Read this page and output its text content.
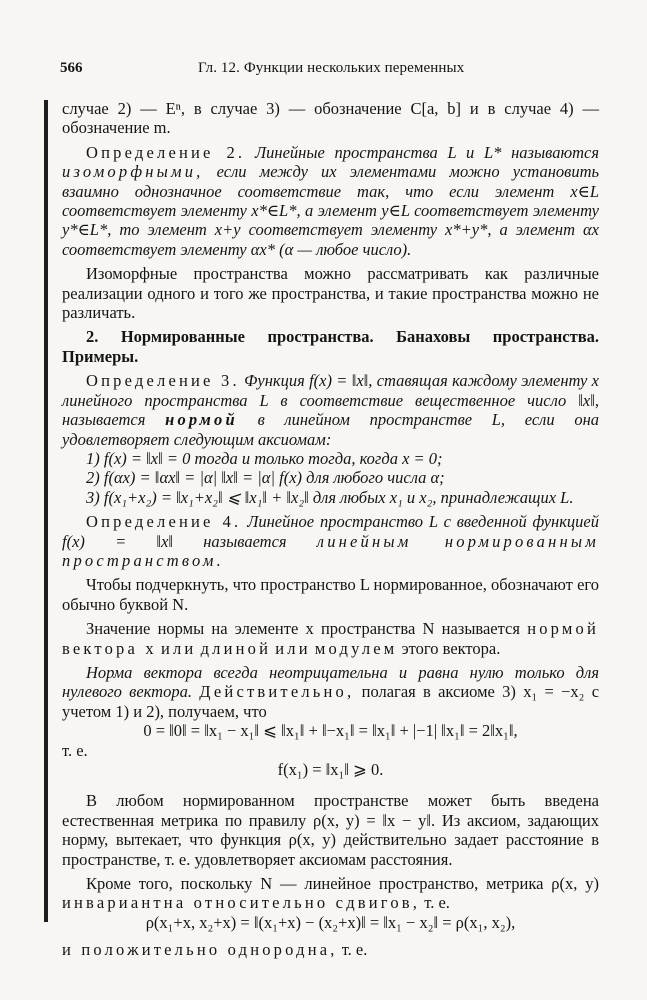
566	Гл. 12. Функции нескольких переменных

случае 2) — Eⁿ, в случае 3) — обозначение C[a, b] и в случае 4) — обозначение m.

Определение 2. Линейные пространства L и L* называются изоморфными, если между их элементами можно установить взаимно однозначное соответствие так, что если элемент x∈L соответствует элементу x*∈L*, а элемент y∈L соответствует элементу y*∈L*, то элемент x+y соответствует элементу x*+y*, а элемент αx соответствует элементу αx* (α — любое число).

Изоморфные пространства можно рассматривать как различные реализации одного и того же пространства, и такие пространства можно не различать.

2. Нормированные пространства. Банаховы пространства. Примеры.

Определение 3. Функция f(x) = ‖x‖, ставящая каждому элементу x линейного пространства L в соответствие вещественное число ‖x‖, называется нормой в линейном пространстве L, если она удовлетворяет следующим аксиомам:

1) f(x) = ‖x‖ = 0 тогда и только тогда, когда x = 0;

2) f(αx) = ‖αx‖ = |α| ‖x‖ = |α| f(x) для любого числа α;

3) f(x₁+x₂) = ‖x₁+x₂‖ ⩽ ‖x₁‖ + ‖x₂‖ для любых x₁ и x₂, принадлежащих L.

Определение 4. Линейное пространство L с введенной функцией f(x) = ‖x‖ называется линейным нормированным пространством.

Чтобы подчеркнуть, что пространство L нормированное, обозначают его обычно буквой N.

Значение нормы на элементе x пространства N называется нормой вектора x или длиной или модулем этого вектора.

Норма вектора всегда неотрицательна и равна нулю только для нулевого вектора. Действительно, полагая в аксиоме 3) x₁ = −x₂ с учетом 1) и 2), получаем, что

0 = ‖0‖ = ‖x₁ − x₁‖ ⩽ ‖x₁‖ + ‖−x₁‖ = ‖x₁‖ + |−1| ‖x₁‖ = 2‖x₁‖,

т. е.

f(x₁) = ‖x₁‖ ⩾ 0.

В любом нормированном пространстве может быть введена естественная метрика по правилу ρ(x, y) = ‖x − y‖. Из аксиом, задающих норму, вытекает, что функция ρ(x, y) действительно задает расстояние в пространстве, т. е. удовлетворяет аксиомам расстояния.

Кроме того, поскольку N — линейное пространство, метрика ρ(x, y) инвариантна относительно сдвигов, т. е.

ρ(x₁+x, x₂+x) = ‖(x₁+x) − (x₂+x)‖ = ‖x₁ − x₂‖ = ρ(x₁, x₂),

и положительно однородна, т. е.
